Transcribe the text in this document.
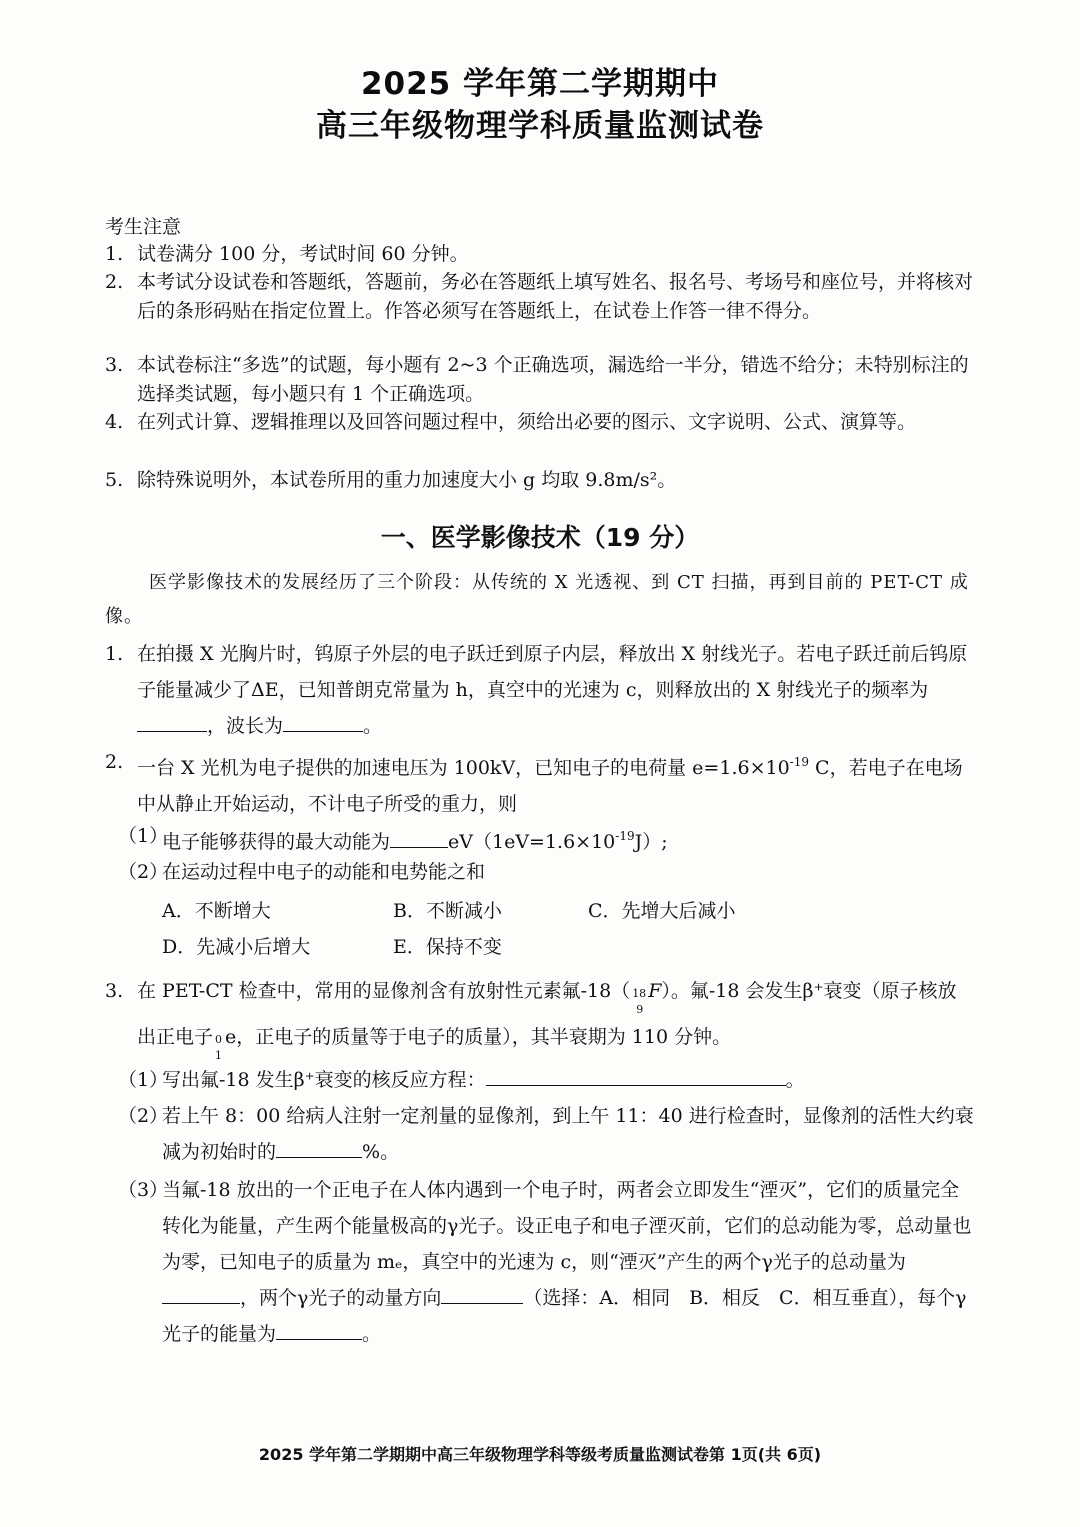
2025 学年第二学期期中
高三年级物理学科质量监测试卷
考生注意
1. 试卷满分 100 分，考试时间 60 分钟。
2. 本考试分设试卷和答题纸，答题前，务必在答题纸上填写姓名、报名号、考场号和座位号，并将核对后的条形码贴在指定位置上。作答必须写在答题纸上，在试卷上作答一律不得分。
3. 本试卷标注“多选”的试题，每小题有 2~3 个正确选项，漏选给一半分，错选不给分；未特别标注的选择类试题，每小题只有 1 个正确选项。
4. 在列式计算、逻辑推理以及回答问题过程中，须给出必要的图示、文字说明、公式、演算等。
5. 除特殊说明外，本试卷所用的重力加速度大小 g 均取 9.8m/s²。
一、医学影像技术（19 分）
医学影像技术的发展经历了三个阶段：从传统的 X 光透视、到 CT 扫描，再到目前的 PET-CT 成像。
1. 在拍摄 X 光胸片时，钨原子外层的电子跃迁到原子内层，释放出 X 射线光子。若电子跃迁前后钨原子能量减少了ΔE，已知普朗克常量为 h，真空中的光速为 c，则释放出的 X 射线光子的频率为，波长为	。
2. 一台 X 光机为电子提供的加速电压为 100kV，已知电子的电荷量 $e=1.6\times 10^{-19}$ C，若电子在电场中从静止开始运动，不计电子所受的重力，则
（1）
电子能够获得的最大动能为	$eV(1eV=1.6\times 10^{-19}J)$;
（2）
在运动过程中电子的动能和电势能之和
A．不断增大	B．不断减小	C．先增大后减小
D．先减小后增大	E．保持不变
3. 在 PET-CT 检查中，常用的显像剂含有放射性元素氟-18（ 18
9
F）。氟-18 会发生β⁺衰变（原子核放出正电子 0
1
e，正电子的质量等于电子的质量），其半衰期为 110 分钟。
（1）
写出氟-18 发生β⁺衰变的核反应方程：	。
（2）
若上午 8：00 给病人注射一定剂量的显像剂，到上午 11：40 进行检查时，显像剂的活性大约衰减为初始时的	%。
（3）
当氟-18 放出的一个正电子在人体内遇到一个电子时，两者会立即发生“湮灭”，它们的质量完全转化为能量，产生两个能量极高的γ光子。设正电子和电子湮灭前，它们的总动能为零，总动量也为零，已知电子的质量为 mₑ，真空中的光速为 c，则“湮灭”产生的两个γ光子的总动量为，两个γ光子的动量方向	（选择：A．相同　B．相反　C．相互垂直），每个γ光子的能量为	。
2025 学年第二学期期中高三年级物理学科等级考质量监测试卷第 1页(共 6页)
